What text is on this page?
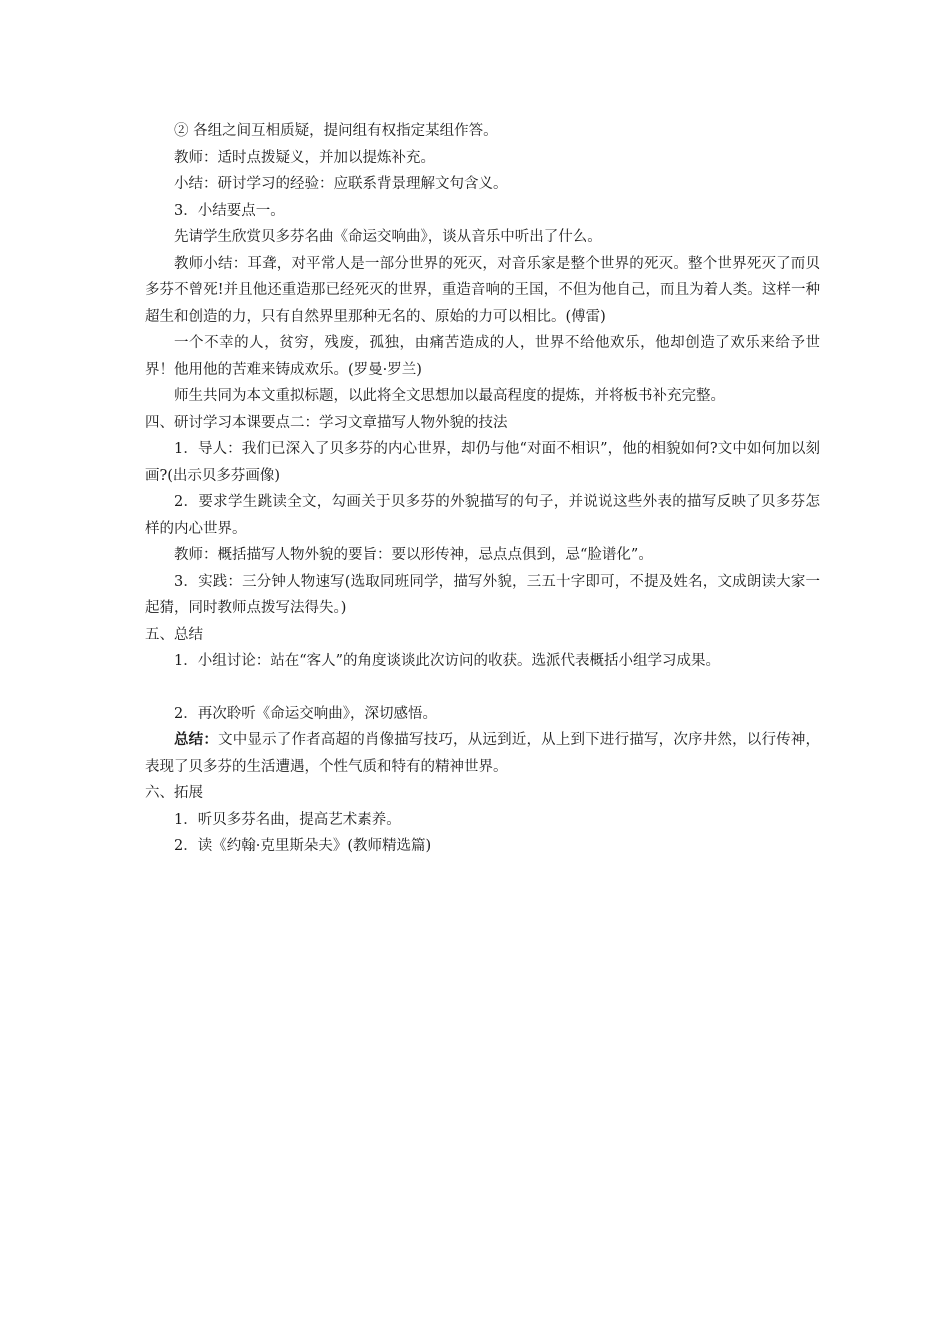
② 各组之间互相质疑，提问组有权指定某组作答。

教师：适时点拨疑义，并加以提炼补充。

小结：研讨学习的经验：应联系背景理解文句含义。

3．小结要点一。

先请学生欣赏贝多芬名曲《命运交响曲》，谈从音乐中听出了什么。

教师小结：耳聋，对平常人是一部分世界的死灭，对音乐家是整个世界的死灭。整个世界死灭了而贝多芬不曾死!并且他还重造那已经死灭的世界，重造音响的王国，不但为他自己，而且为着人类。这样一种超生和创造的力，只有自然界里那种无名的、原始的力可以相比。(傅雷)

一个不幸的人，贫穷，残废，孤独，由痛苦造成的人，世界不给他欢乐，他却创造了欢乐来给予世界！他用他的苦难来铸成欢乐。(罗曼·罗兰)

师生共同为本文重拟标题，以此将全文思想加以最高程度的提炼，并将板书补充完整。

四、研讨学习本课要点二：学习文章描写人物外貌的技法

1．导人：我们已深入了贝多芬的内心世界，却仍与他“对面不相识”，他的相貌如何?文中如何加以刻画?(出示贝多芬画像)

2．要求学生跳读全文，勾画关于贝多芬的外貌描写的句子，并说说这些外表的描写反映了贝多芬怎样的内心世界。

教师：概括描写人物外貌的要旨：要以形传神，忌点点俱到，忌“脸谱化”。

3．实践：三分钟人物速写(选取同班同学，描写外貌，三五十字即可，不提及姓名，文成朗读大家一起猜，同时教师点拨写法得失。)

五、总结

1．小组讨论：站在“客人”的角度谈谈此次访问的收获。选派代表概括小组学习成果。

2．再次聆听《命运交响曲》，深切感悟。

总结：文中显示了作者高超的肖像描写技巧，从远到近，从上到下进行描写，次序井然，以行传神，表现了贝多芬的生活遭遇，个性气质和特有的精神世界。

六、拓展

1．听贝多芬名曲，提高艺术素养。

2．读《约翰·克里斯朵夫》(教师精选篇)
